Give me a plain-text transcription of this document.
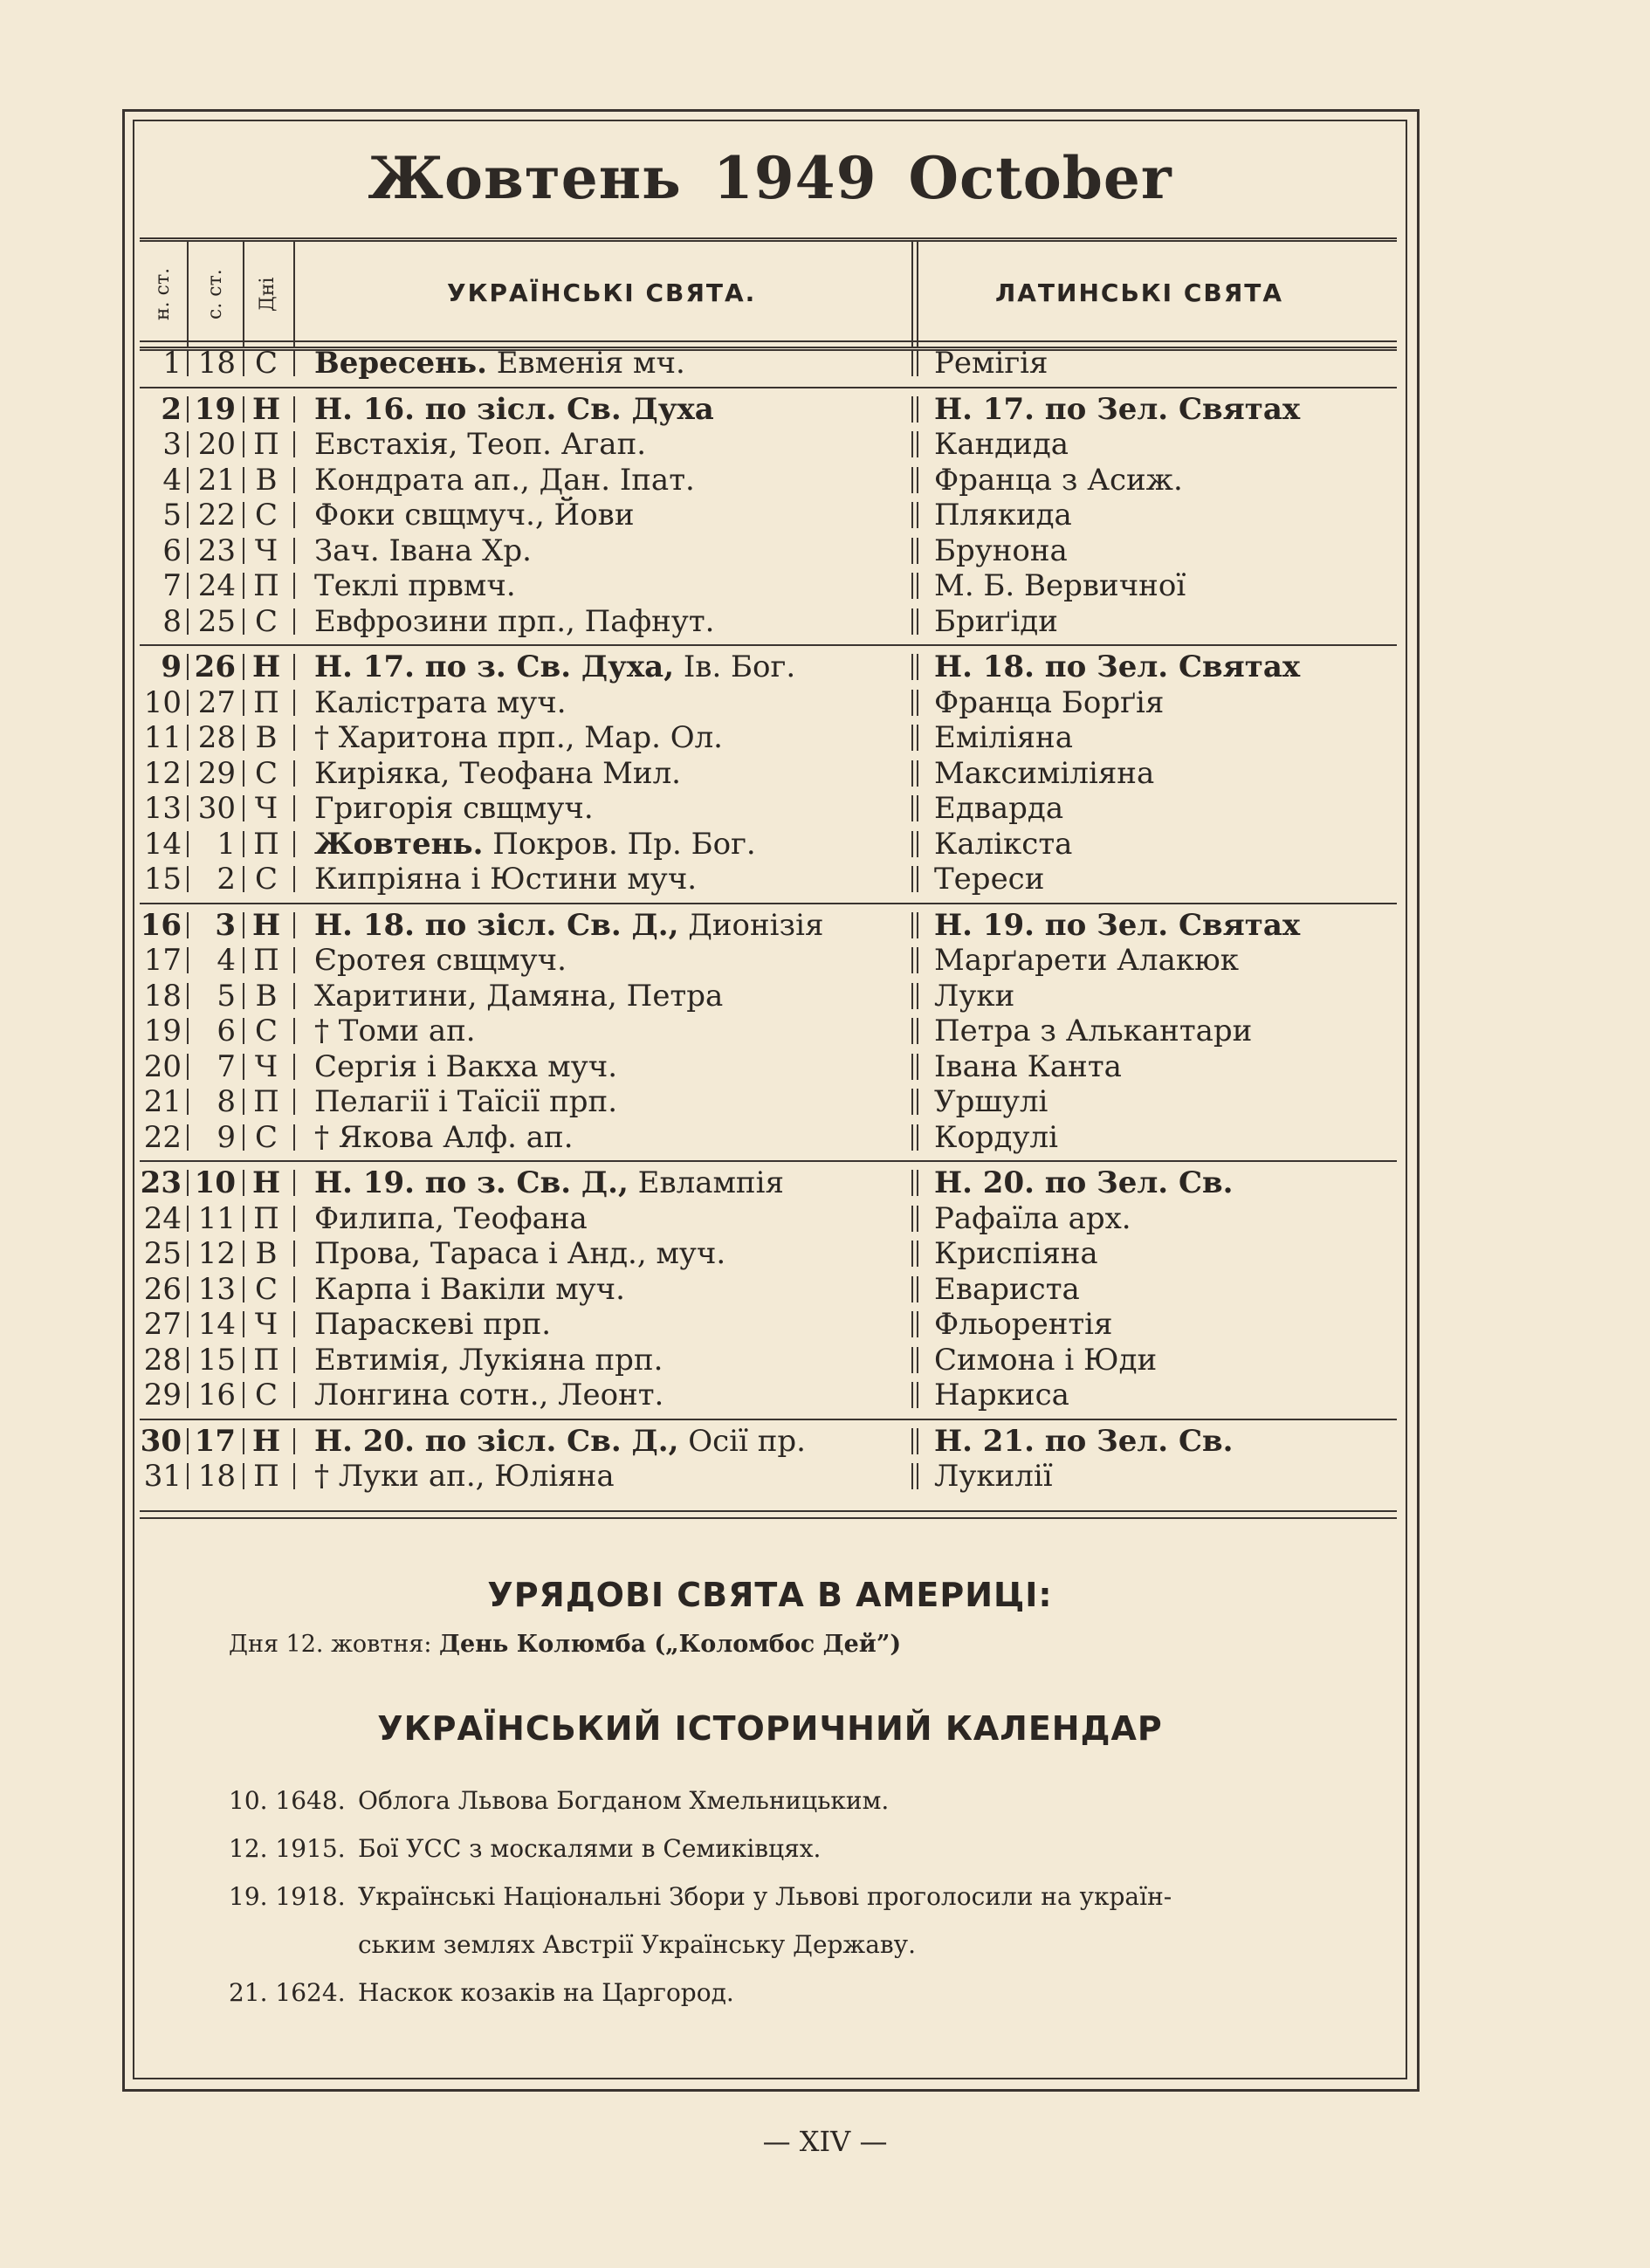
Жовтень 1949 October
н. ст.	с. ст.	Дні	УКРАЇНСЬКІ СВЯТА.	ЛАТИНСЬКІ СВЯТА
1 18 С Вересень. Евменія мч.	Ремігія
2 19 Н Н. 16. по зісл. Св. Духа	Н. 17. по Зел. Святах
3 20 П Евстахія, Теоп. Агап.	Кандида
4 21 В Кондрата ап., Дан. Іпат.	Франца з Асиж.
5 22 С Фоки свщмуч., Йови	Плякида
6 23 Ч Зач. Івана Хр.	Брунона
7 24 П Теклі првмч.	М. Б. Вервичної
8 25 С Евфрозини прп., Пафнут.	Бриґіди
9 26 Н Н. 17. по з. Св. Духа, Ів. Бог.	Н. 18. по Зел. Святах
10 27 П Калістрата муч.	Франца Борґія
11 28 В † Харитона прп., Мар. Ол.	Еміліяна
12 29 С Киріяка, Теофана Мил.	Максиміліяна
13 30 Ч Григорія свщмуч.	Едварда
14	1 П Жовтень. Покров. Пр. Бог.	Калікста
15	2 С Кипріяна і Юстини муч.	Тереси
16	3 Н Н. 18. по зісл. Св. Д., Дионізія	Н. 19. по Зел. Святах
17	4 П Єротея свщмуч.	Марґарети Алакюк
18	5 В Харитини, Дамяна, Петра	Луки
19	6 С † Томи ап.	Петра з Алькантари
20	7 Ч Сергія і Вакха муч.	Івана Канта
21	8 П Пелагії і Таїсії прп.	Уршулі
22	9 С † Якова Алф. ап.	Кордулі
23 10 Н Н. 19. по з. Св. Д., Евлампія	Н. 20. по Зел. Св.
24 11 П Филипа, Теофана	Рафаїла арх.
25 12 В Прова, Тараса і Анд., муч.	Криспіяна
26 13 С Карпа і Вакіли муч.	Евариста
27 14 Ч Параскеві прп.	Фльорентія
28 15 П Евтимія, Лукіяна прп.	Симона і Юди
29 16 С Лонгина сотн., Леонт.	Наркиса
30 17 Н Н. 20. по зісл. Св. Д., Осії пр.	Н. 21. по Зел. Св.
31 18 П † Луки ап., Юліяна	Лукилії
УРЯДОВІ СВЯТА В АМЕРИЦІ:
Дня 12. жовтня: День Колюмба („Коломбос Дей”)
УКРАЇНСЬКИЙ ІСТОРИЧНИЙ КАЛЕНДАР
10. 1648. Облога Львова Богданом Хмельницьким.
12. 1915. Бої УСС з москалями в Семиківцях.
19. 1918. Українські Національні Збори у Львові проголосили на україн-
ським землях Австрії Українську Державу.
21. 1624. Наскок козаків на Царгород.
— XIV —
